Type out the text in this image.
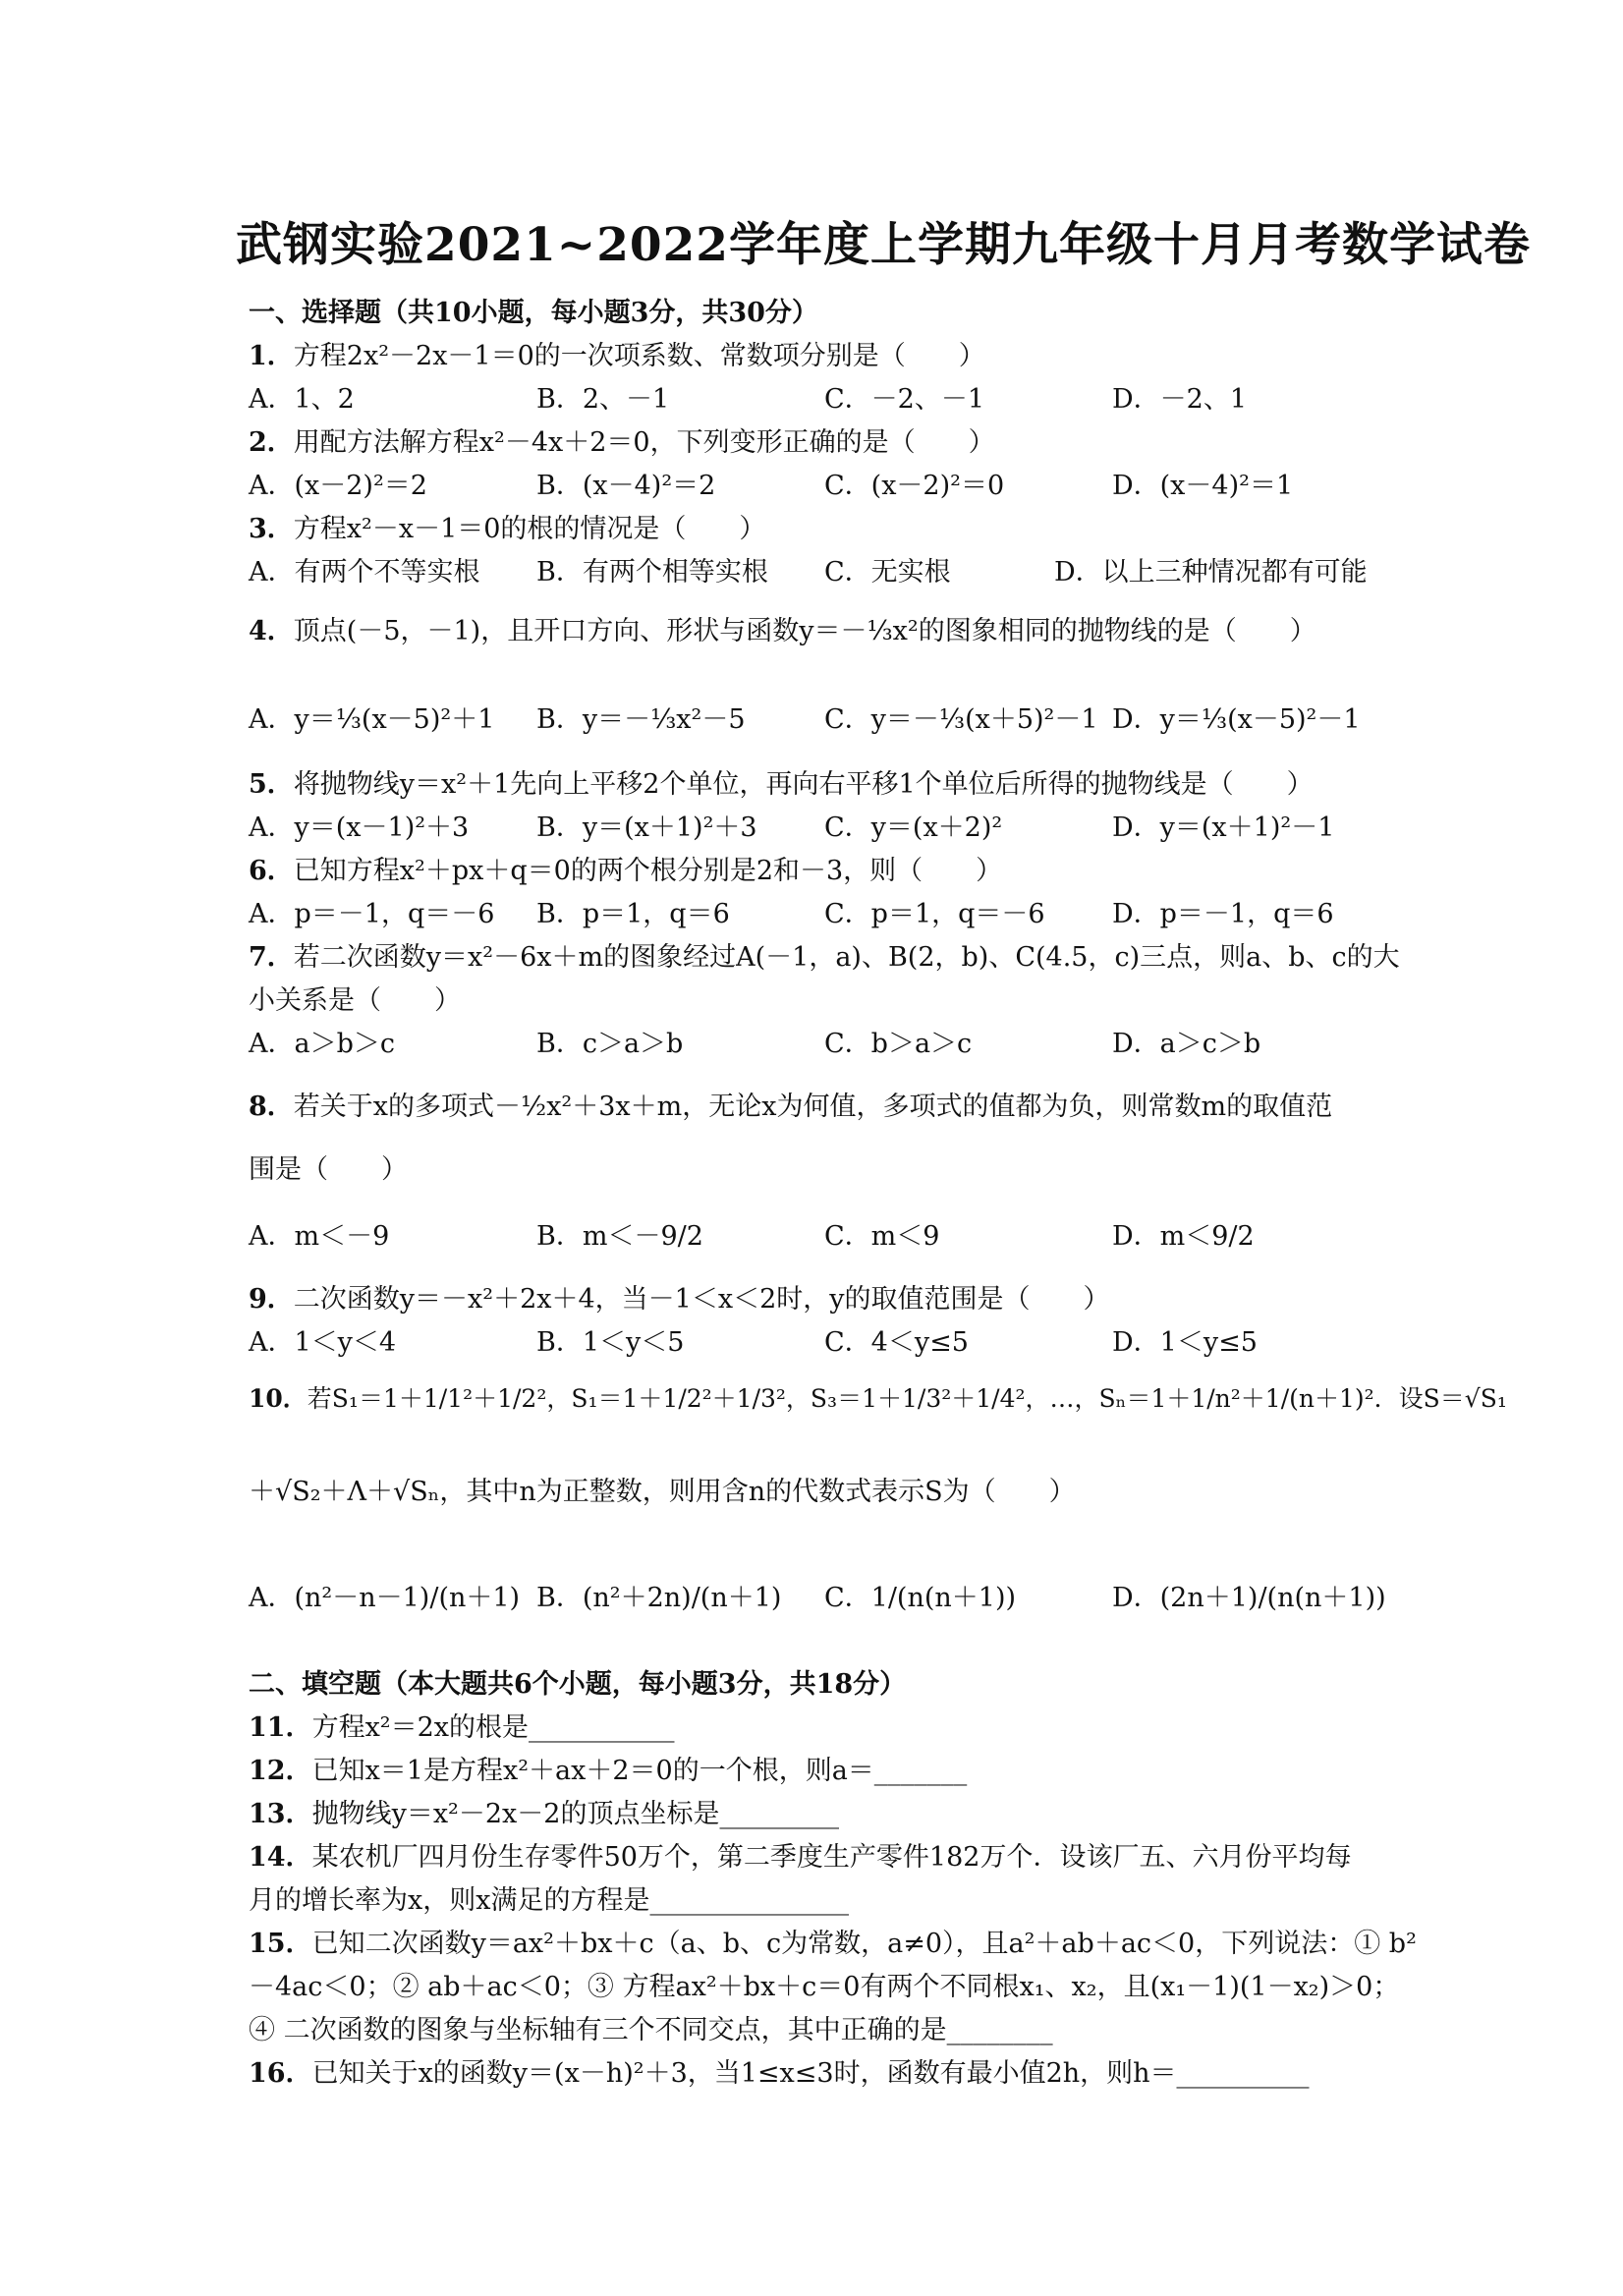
武钢实验2021~2022学年度上学期九年级十月月考数学试卷
一、选择题（共10小题，每小题3分，共30分）
1．方程2x²－2x－1＝0的一次项系数、常数项分别是（　　）
A．1、2	B．2、－1	C．－2、－1	D．－2、1
2．用配方法解方程x²－4x＋2＝0，下列变形正确的是（　　）
A．(x－2)²＝2	B．(x－4)²＝2	C．(x－2)²＝0	D．(x－4)²＝1
3．方程x²－x－1＝0的根的情况是（　　）
A．有两个不等实根 B．有两个相等实根 C．无实根	D．以上三种情况都有可能
4．顶点(－5，－1)，且开口方向、形状与函数y＝－⅓x²的图象相同的抛物线的是（　　）
A．y＝⅓(x－5)²＋1 B．y＝－⅓x²－5	C．y＝－⅓(x＋5)²－1 D．y＝⅓(x－5)²－1
5．将抛物线y＝x²＋1先向上平移2个单位，再向右平移1个单位后所得的抛物线是（　　）
A．y＝(x－1)²＋3	B．y＝(x＋1)²＋3	C．y＝(x＋2)²	D．y＝(x＋1)²－1
6．已知方程x²＋px＋q＝0的两个根分别是2和－3，则（　　）
A．p＝－1，q＝－6 B．p＝1，q＝6	C．p＝1，q＝－6	D．p＝－1，q＝6
7．若二次函数y＝x²－6x＋m的图象经过A(－1，a)、B(2，b)、C(4.5，c)三点，则a、b、c的大
小关系是（　　）
A．a＞b＞c	B．c＞a＞b	C．b＞a＞c	D．a＞c＞b
8．若关于x的多项式－½x²＋3x＋m，无论x为何值，多项式的值都为负，则常数m的取值范
围是（　　）
A．m＜－9	B．m＜－9/2	C．m＜9	D．m＜9/2
9．二次函数y＝－x²＋2x＋4，当－1＜x＜2时，y的取值范围是（　　）
A．1＜y＜4	B．1＜y＜5	C．4＜y≤5	D．1＜y≤5
10．若S₁＝1＋1/1²＋1/2²，S₁＝1＋1/2²＋1/3²，S₃＝1＋1/3²＋1/4²，…，Sₙ＝1＋1/n²＋1/(n＋1)²．设S＝√S₁
＋√S₂＋Λ＋√Sₙ，其中n为正整数，则用含n的代数式表示S为（　　）
A．(n²－n－1)/(n＋1) B．(n²＋2n)/(n＋1) C．1/(n(n＋1))	D．(2n＋1)/(n(n＋1))
二、填空题（本大题共6个小题，每小题3分，共18分）
11．方程x²＝2x的根是___________
12．已知x＝1是方程x²＋ax＋2＝0的一个根，则a＝_______
13．抛物线y＝x²－2x－2的顶点坐标是_________
14．某农机厂四月份生存零件50万个，第二季度生产零件182万个．设该厂五、六月份平均每
月的增长率为x，则x满足的方程是_______________
15．已知二次函数y＝ax²＋bx＋c（a、b、c为常数，a≠0），且a²＋ab＋ac＜0，下列说法：① b²
－4ac＜0；② ab＋ac＜0；③ 方程ax²＋bx＋c＝0有两个不同根x₁、x₂，且(x₁－1)(1－x₂)＞0；
④ 二次函数的图象与坐标轴有三个不同交点，其中正确的是________
16．已知关于x的函数y＝(x－h)²＋3，当1≤x≤3时，函数有最小值2h，则h＝__________
